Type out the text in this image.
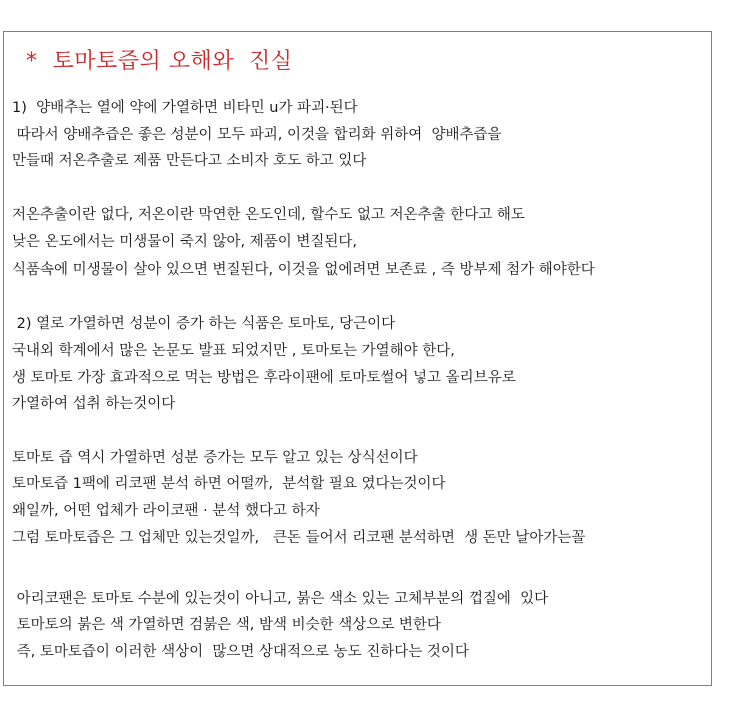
*  토마토즙의 오해와  진실
1)  양배추는 열에 약에 가열하면 비타민 u가 파괴·된다
따라서 양배추즙은 좋은 성분이 모두 파괴, 이것을 합리화 위하여  양배추즙을
만들때 저온추출로 제품 만든다고 소비자 호도 하고 있다
저온추출이란 없다, 저온이란 막연한 온도인데, 할수도 없고 저온추출 한다고 해도
낮은 온도에서는 미생물이 죽지 않아, 제품이 변질된다,
식품속에 미생물이 살아 있으면 변질된다, 이것을 없에려면 보존료 , 즉 방부제 첨가 해야한다
2) 열로 가열하면 성분이 증가 하는 식품은 토마토, 당근이다
국내외 학계에서 많은 논문도 발표 되었지만 , 토마토는 가열해야 한다,
생 토마토 가장 효과적으로 먹는 방법은 후라이팬에 토마토썰어 넣고 올리브유로
가열하여 섭취 하는것이다
토마토 즙 역시 가열하면 성분 증가는 모두 알고 있는 상식선이다
토마토즙 1팩에 리코팬 분석 하면 어떨까,  분석할 필요 였다는것이다
왜일까, 어떤 업체가 라이코팬 · 분석 했다고 하자
그럼 토마토즙은 그 업체만 있는것일까,   큰돈 들어서 리코팬 분석하면  생 돈만 날아가는꼴
아리코팬은 토마토 수분에 있는것이 아니고, 붉은 색소 있는 고체부분의 껍질에  있다
토마토의 붉은 색 가열하면 검붉은 색, 밤색 비슷한 색상으로 변한다
즉, 토마토즙이 이러한 색상이  많으면 상대적으로 농도 진하다는 것이다
